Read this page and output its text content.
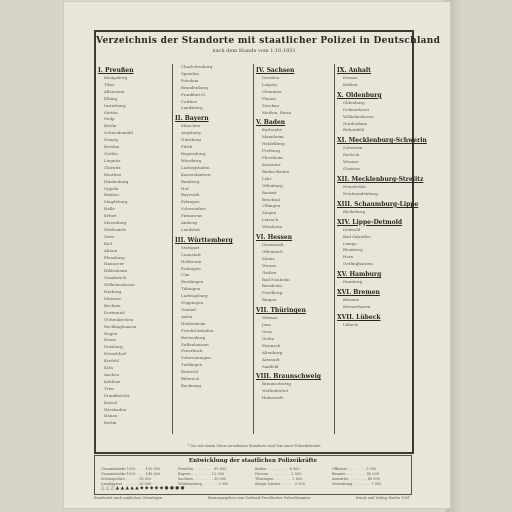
Verzeichnis der Standorte mit staatlicher Polizei in Deutschland
nach dem Stande vom 1.10.1931
I. Preußen
Königsberg
Tilsit
Allenstein
Elbing
Insterburg
Stettin
Stolp
Köslin
Schneidemühl
Danzig
Breslau
Görlitz
Liegnitz
Gleiwitz
Beuthen
Hindenburg
Oppeln
Ratibor
Magdeburg
Halle
Erfurt
Merseburg
Weißenfels
Zeitz
Kiel
Altona
Flensburg
Hannover
Hildesheim
Osnabrück
Wilhelmshaven
Harburg
Münster
Bochum
Dortmund
Gelsenkirchen
Recklinghausen
Hagen
Essen
Duisburg
Düsseldorf
Krefeld
Köln
Aachen
Koblenz
Trier
Frankfurt/M.
Kassel
Wiesbaden
Hanau
Berlin
Charlottenburg
Spandau
Potsdam
Brandenburg
Frankfurt/O.
Cottbus
Landsberg
II. Bayern
München
Augsburg
Nürnberg
Fürth
Regensburg
Würzburg
Ludwigshafen
Kaiserslautern
Bamberg
Hof
Bayreuth
Erlangen
Schweinfurt
Pirmasens
Amberg
Landshut
III. Württemberg
Stuttgart
Cannstatt
Heilbronn
Esslingen
Ulm
Reutlingen
Tübingen
Ludwigsburg
Göppingen
Gmünd
Aalen
Heidenheim
Friedrichshafen
Ravensburg
Zuffenhausen
Feuerbach
Schwenningen
Tuttlingen
Rottweil
Biberach
Backnang
IV. Sachsen
Dresden
Leipzig
Chemnitz
Plauen
Zwickau
Meißen, Riesa
V. Baden
Karlsruhe
Mannheim
Heidelberg
Freiburg
Pforzheim
Konstanz
Baden-Baden
Lahr
Offenburg
Rastatt
Bruchsal
Villingen
Singen
Lörrach
Weinheim
VI. Hessen
Darmstadt
Offenbach
Mainz
Worms
Gießen
Bad Nauheim
Bensheim
Friedberg
Bingen
VII. Thüringen
Weimar
Jena
Gera
Gotha
Eisenach
Altenburg
Arnstadt
Saalfeld
VIII. Braunschweig
Braunschweig
Wolfenbüttel
Helmstedt
IX. Anhalt
Dessau
Köthen
X. Oldenburg
Oldenburg
Delmenhorst
Wilhelmshaven
Nordenham
Birkenfeld
XI. Mecklenburg-Schwerin
Schwerin
Rostock
Wismar
Güstrow
XII. Mecklenburg-Strelitz
Neustrelitz
Neubrandenburg
XIII. Schaumburg-Lippe
Bückeburg
XIV. Lippe-Detmold
Detmold
Bad Salzuflen
Lemgo
Blomberg
Horn
Oerlinghausen
XV. Hamburg
Hamburg
XVI. Bremen
Bremen
Bremerhaven
XVII. Lübeck
Lübeck
* Die mit einem Stern versehenen Standorte sind Sitz einer Polizeibehörde
Entwicklung der staatlichen Polizeikräfte
Gesamtstärke 1920 . . . . 150 000
Gesamtstärke 1925 . . . . 140 000
Schutzpolizei . . . . . . 95 000
Landjägerei . . . . . . . 20 000
Preußen . . . . . . . . . 85 000
Bayern . . . . . . . . . 12 000
Sachsen . . . . . . . . . 10 000
Württemberg . . . . . . . 5 000
Baden . . . . . . . . . . 4 000
Hessen . . . . . . . . . . 2 000
Thüringen . . . . . . . . 2 000
übrige Länder . . . . . . 5 000
Offiziere . . . . . . . . 3 000
Beamte . . . . . . . . . 80 000
Anwärter . . . . . . . . 40 000
Verwaltung . . . . . . . . 7 000
△ △ △ ▲ ▲ ▲ ▲ ▲ ◆ ◆ ◆ ◆ ◆ ● ● ● ●
Bearbeitet nach amtlichen Unterlagen	Herausgegeben vom Verband Preußischer Polizeibeamter	Druck und Verlag: Berlin 1931
